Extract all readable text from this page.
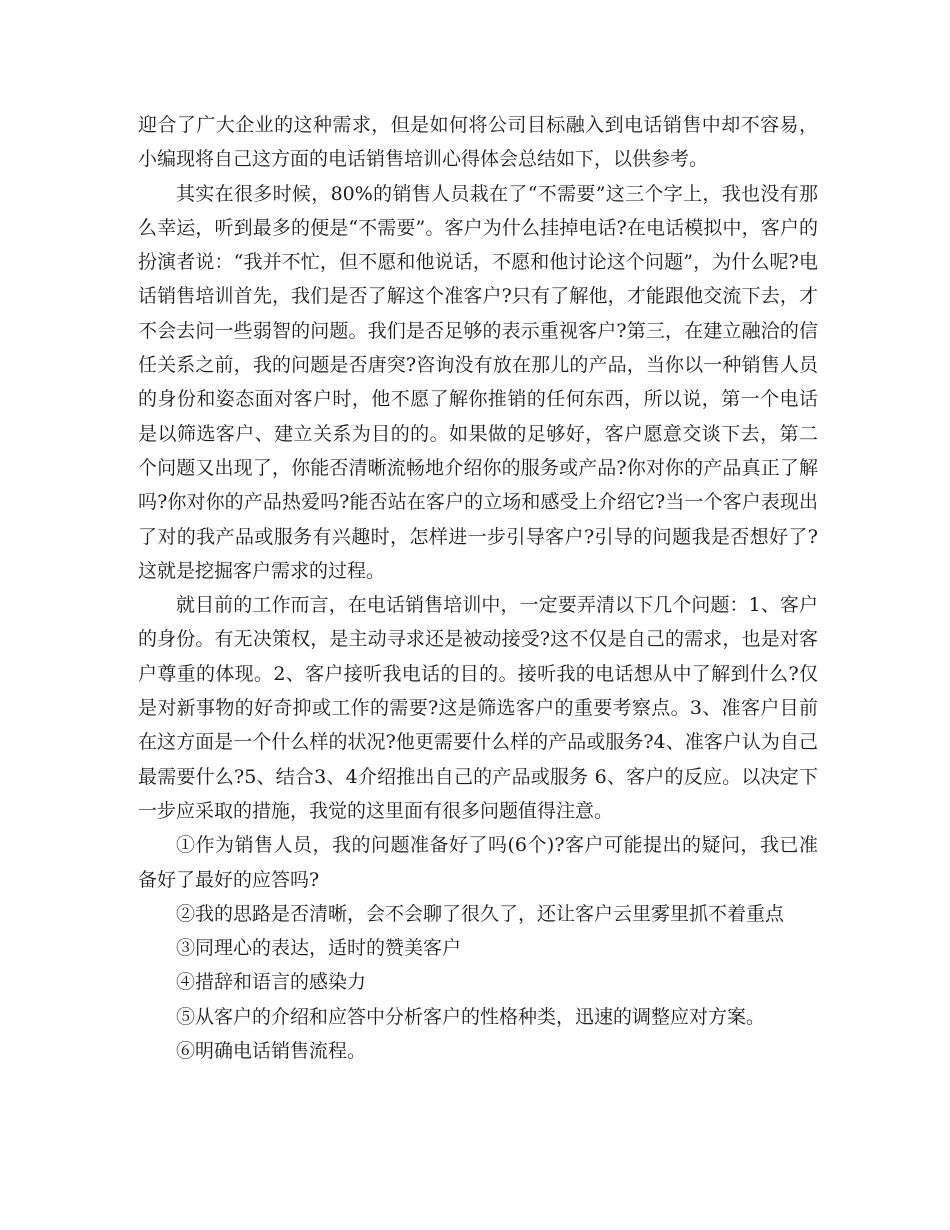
迎合了广大企业的这种需求，但是如何将公司目标融入到电话销售中却不容易，小编现将自己这方面的电话销售培训心得体会总结如下，以供参考。

其实在很多时候，80%的销售人员栽在了“不需要”这三个字上，我也没有那么幸运，听到最多的便是“不需要”。客户为什么挂掉电话?在电话模拟中，客户的扮演者说：“我并不忙，但不愿和他说话，不愿和他讨论这个问题”，为什么呢?电话销售培训首先，我们是否了解这个准客户?只有了解他，才能跟他交流下去，才不会去问一些弱智的问题。我们是否足够的表示重视客户?第三，在建立融洽的信任关系之前，我的问题是否唐突?咨询没有放在那儿的产品，当你以一种销售人员的身份和姿态面对客户时，他不愿了解你推销的任何东西，所以说，第一个电话是以筛选客户、建立关系为目的的。如果做的足够好，客户愿意交谈下去，第二个问题又出现了，你能否清晰流畅地介绍你的服务或产品?你对你的产品真正了解吗?你对你的产品热爱吗?能否站在客户的立场和感受上介绍它?当一个客户表现出了对的我产品或服务有兴趣时，怎样进一步引导客户?引导的问题我是否想好了?这就是挖掘客户需求的过程。

就目前的工作而言，在电话销售培训中，一定要弄清以下几个问题：1、客户的身份。有无决策权，是主动寻求还是被动接受?这不仅是自己的需求，也是对客户尊重的体现。2、客户接听我电话的目的。接听我的电话想从中了解到什么?仅是对新事物的好奇抑或工作的需要?这是筛选客户的重要考察点。3、准客户目前在这方面是一个什么样的状况?他更需要什么样的产品或服务?4、准客户认为自己最需要什么?5、结合3、4介绍推出自己的产品或服务 6、客户的反应。以决定下一步应采取的措施，我觉的这里面有很多问题值得注意。

①作为销售人员，我的问题准备好了吗(6个)?客户可能提出的疑问，我已准备好了最好的应答吗?

②我的思路是否清晰，会不会聊了很久了，还让客户云里雾里抓不着重点

③同理心的表达，适时的赞美客户

④措辞和语言的感染力

⑤从客户的介绍和应答中分析客户的性格种类，迅速的调整应对方案。

⑥明确电话销售流程。
